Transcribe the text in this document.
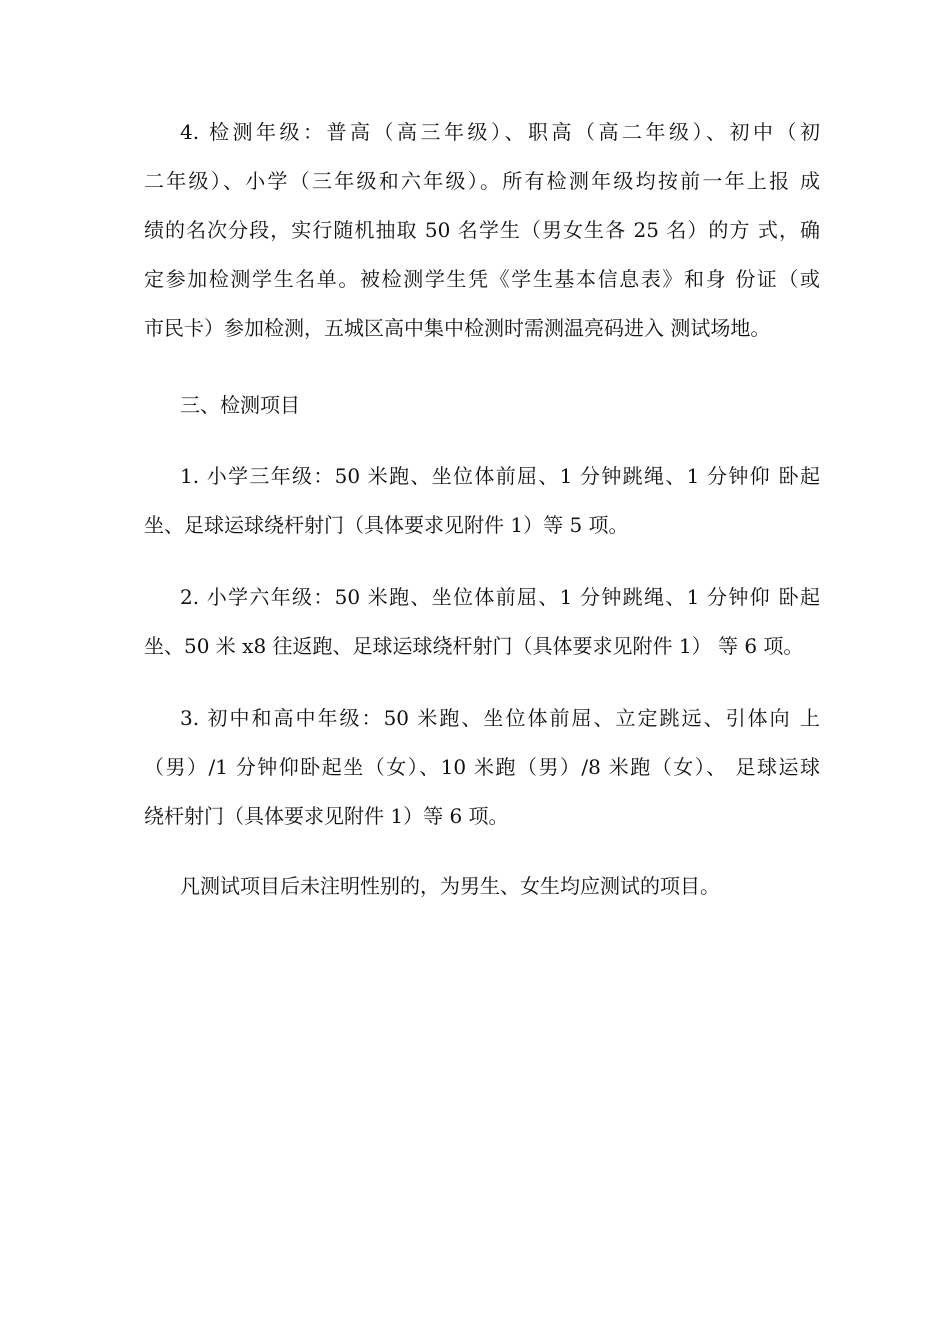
4. 检测年级：普高（高三年级）、职高（高二年级）、初中（初
二年级）、小学（三年级和六年级）。所有检测年级均按前一年上报 成
绩的名次分段，实行随机抽取 50 名学生（男女生各 25 名）的方 式，确
定参加检测学生名单。被检测学生凭《学生基本信息表》和身 份证（或
市民卡）参加检测，五城区高中集中检测时需测温亮码进入 测试场地。
三、检测项目
1. 小学三年级：50 米跑、坐位体前屈、1 分钟跳绳、1 分钟仰 卧起
坐、足球运球绕杆射门（具体要求见附件 1）等 5 项。
2. 小学六年级：50 米跑、坐位体前屈、1 分钟跳绳、1 分钟仰 卧起
坐、50 米 x8 往返跑、足球运球绕杆射门（具体要求见附件 1） 等 6 项。
3. 初中和高中年级：50 米跑、坐位体前屈、立定跳远、引体向 上
（男）/1 分钟仰卧起坐（女）、10 米跑（男）/8 米跑（女）、 足球运球
绕杆射门（具体要求见附件 1）等 6 项。
凡测试项目后未注明性别的，为男生、女生均应测试的项目。
